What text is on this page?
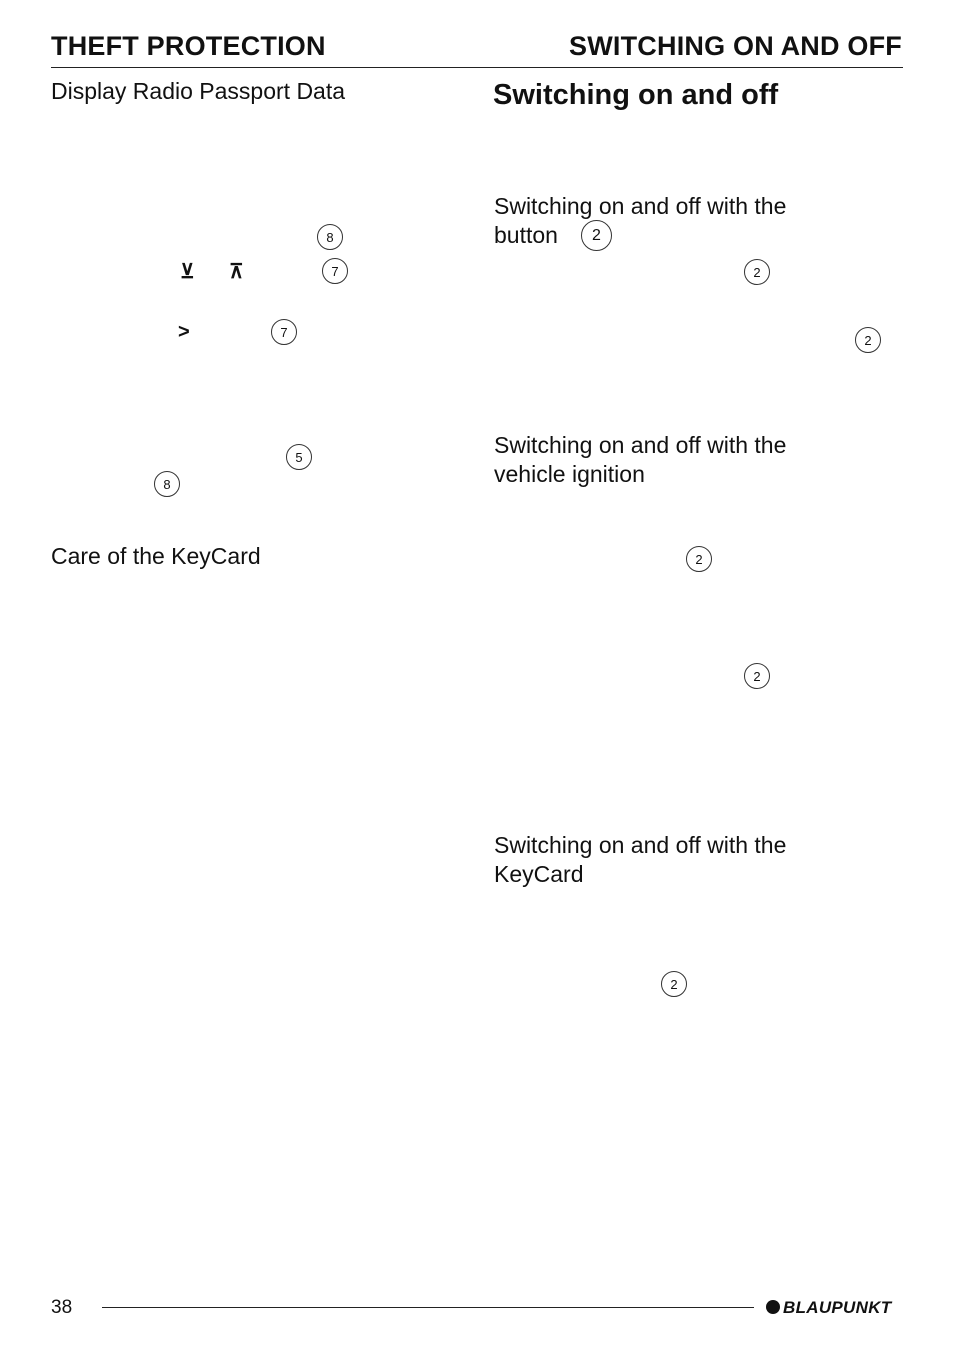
THEFT PROTECTION	SWITCHING ON AND OFF
Display Radio Passport Data
8
⊻ ⊼	7
>	7
5
8
Care of the KeyCard
Switching on and off
Switching on and off with the
button	2
2
2
Switching on and off with the
vehicle ignition
2
2
Switching on and off with the
KeyCard
2
38	BLAUPUNKT
